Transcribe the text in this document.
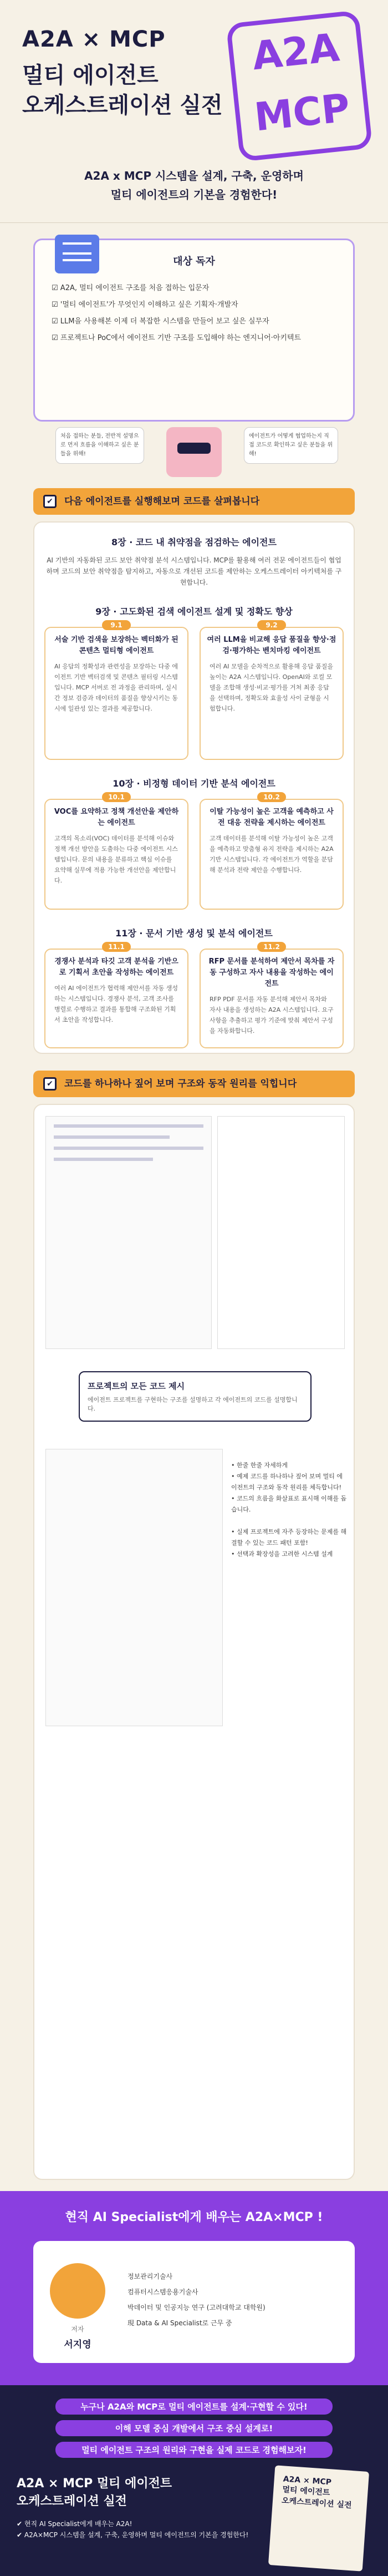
A2A × MCP
멀티 에이전트
오케스트레이션 실전
A2A
MCP
A2A x MCP 시스템을 설계, 구축, 운영하며
멀티 에이전트의 기본을 경험한다!
대상 독자
☑ A2A, 멀티 에이전트 구조를 처음 접하는 입문자
☑ '멀티 에이전트'가 무엇인지 이해하고 싶은 기획자·개발자
☑ LLM을 사용해본 이제 더 복잡한 시스템을 만들어 보고 싶은 실무자
☑ 프로젝트나 PoC에서 에이전트 기반 구조를 도입해야 하는 엔지니어·아키텍트
처음 접하는 분들, 전반적 설명으로 먼저 흐름을 이해하고 싶은 분들을 위해!
에이전트가 어떻게 협업하는지 직접 코드로 확인하고 싶은 분들을 위해!
✔	다음 에이전트를 실행해보며 코드를 살펴봅니다
8장 · 코드 내 취약점을 점검하는 에이전트
AI 기반의 자동화된 코드 보안 취약점 분석 시스템입니다. MCP를 활용해 여러 전문 에이전트들이 협업하며 코드의 보안 취약점을 탐지하고, 자동으로 개선된 코드를 제안하는 오케스트레이터 아키텍처를 구현합니다.
9장 · 고도화된 검색 에이전트 설계 및 정확도 향상
9.1
서술 기반 검색을 보장하는 벡터화가 된 콘텐츠 멀티형 에이전트
AI 응답의 정확성과 관련성을 보장하는 다중 에이전트 기반 벡터검색 및 콘텐츠 필터링 시스템입니다. MCP 서버로 전 과정을 관리하며, 실시간 정보 검증과 데이터의 품질을 향상시키는 동시에 일관성 있는 결과를 제공합니다.
9.2
여러 LLM을 비교해 응답 품질을 향상·점검·평가하는 벤치마킹 에이전트
여러 AI 모델을 순차적으로 활용해 응답 품질을 높이는 A2A 시스템입니다. OpenAI와 로컬 모델을 조합해 생성·비교·평가를 거쳐 최종 응답을 선택하며, 정확도와 효율성 사이 균형을 시험합니다.
10장 · 비정형 데이터 기반 분석 에이전트
10.1
VOC를 요약하고 정책 개선안을 제안하는 에이전트
고객의 목소리(VOC) 데이터를 분석해 이슈와 정책 개선 방안을 도출하는 다중 에이전트 시스템입니다. 문의 내용을 분류하고 핵심 이슈를 요약해 실무에 적용 가능한 개선안을 제안합니다.
10.2
이탈 가능성이 높은 고객을 예측하고 사전 대응 전략을 제시하는 에이전트
고객 데이터를 분석해 이탈 가능성이 높은 고객을 예측하고 맞춤형 유지 전략을 제시하는 A2A 기반 시스템입니다. 각 에이전트가 역할을 분담해 분석과 전략 제안을 수행합니다.
11장 · 문서 기반 생성 및 분석 에이전트
11.1
경쟁사 분석과 타깃 고객 분석을 기반으로 기획서 초안을 작성하는 에이전트
여러 AI 에이전트가 협력해 제안서를 자동 생성하는 시스템입니다. 경쟁사 분석, 고객 조사를 병렬로 수행하고 결과를 통합해 구조화된 기획서 초안을 작성합니다.
11.2
RFP 문서를 분석하여 제안서 목차를 자동 구성하고 자사 내용을 작성하는 에이전트
RFP PDF 문서를 자동 분석해 제안서 목차와 자사 내용을 생성하는 A2A 시스템입니다. 요구사항을 추출하고 평가 기준에 맞춰 제안서 구성을 자동화합니다.
✔	코드를 하나하나 짚어 보며 구조와 동작 원리를 익힙니다
프로젝트의 모든 코드 제시
에이전트 프로젝트를 구현하는 구조를 설명하고 각 에이전트의 코드를 설명합니다.
• 한줄 한줄 자세하게
• 예제 코드를 하나하나 짚어 보며 멀티 에이전트의 구조와 동작 원리를 체득합니다!
• 코드의 흐름을 화살표로 표시해 이해를 돕습니다.
• 실제 프로젝트에 자주 등장하는 문제를 해결할 수 있는 코드 패턴 포함!
• 선택과 확장성을 고려한 시스템 설계
현직 AI Specialist에게 배우는 A2A×MCP !
저자
서지영
정보관리기술사
컴퓨터시스템응용기술사
박데이터 및 인공지능 연구 (고려대학교 대학원)
現 Data & AI Specialist로 근무 중
누구나 A2A와 MCP로 멀티 에이전트를 설계·구현할 수 있다!
이해 모델 중심 개발에서 구조 중심 설계로!
멀티 에이전트 구조의 원리와 구현을 실제 코드로 경험해보자!
A2A × MCP 멀티 에이전트
오케스트레이션 실전
✔ 현직 AI Specialist에게 배우는 A2A!
✔ A2A×MCP 시스템을 설계, 구축, 운영하며 멀티 에이전트의 기본을 경험한다!
A2A × MCP
멀티 에이전트
오케스트레이션 실전
